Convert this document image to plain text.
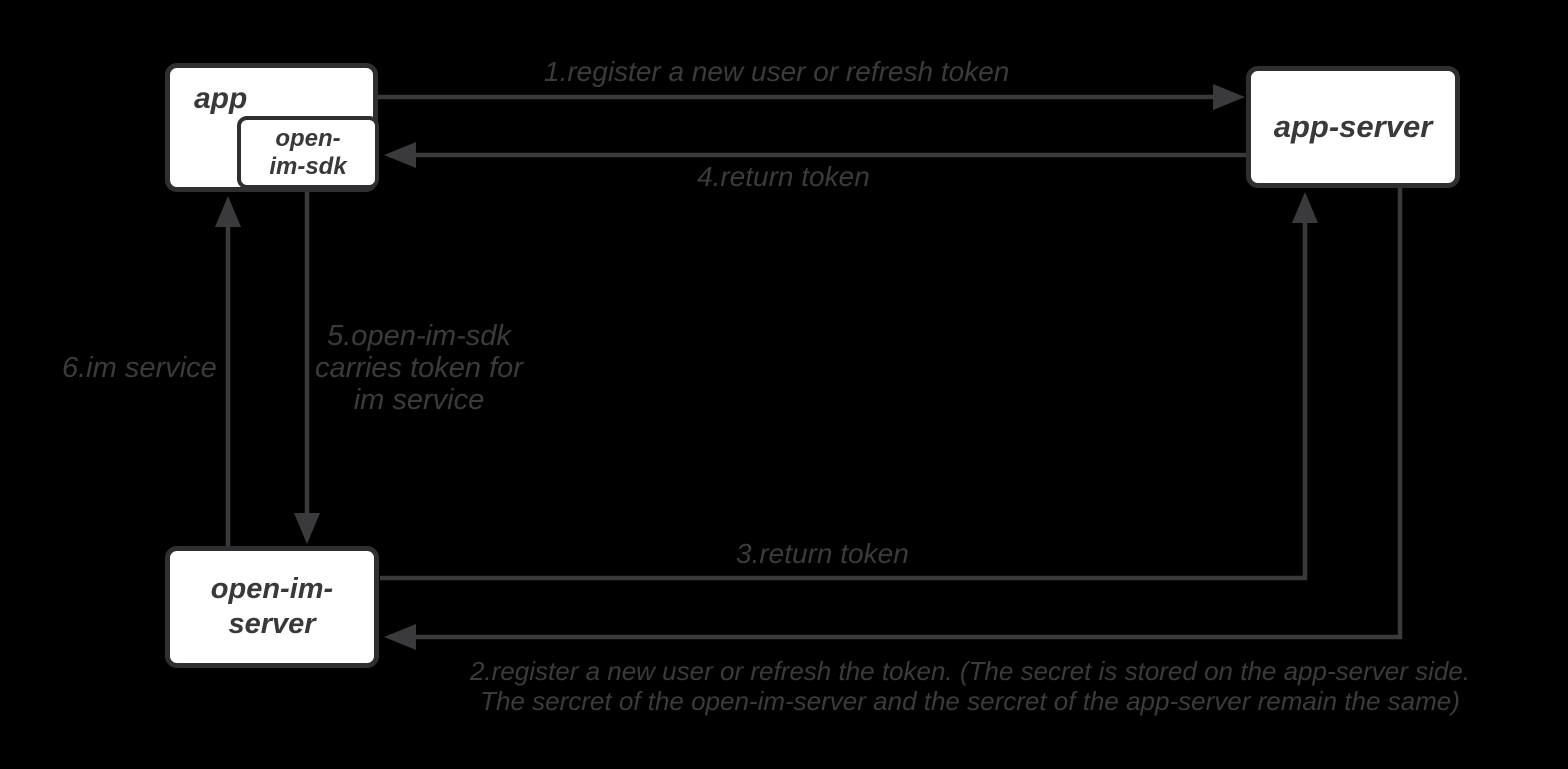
app
open-
im-sdk
app-server
open-im-
server
1.register a new user or refresh token
4.return token
5.open-im-sdk
carries token for
im service
6.im service
3.return token
2.register a new user or refresh the token. (The secret is stored on the app-server side.
The sercret of the open-im-server and the sercret of the app-server remain the same)
